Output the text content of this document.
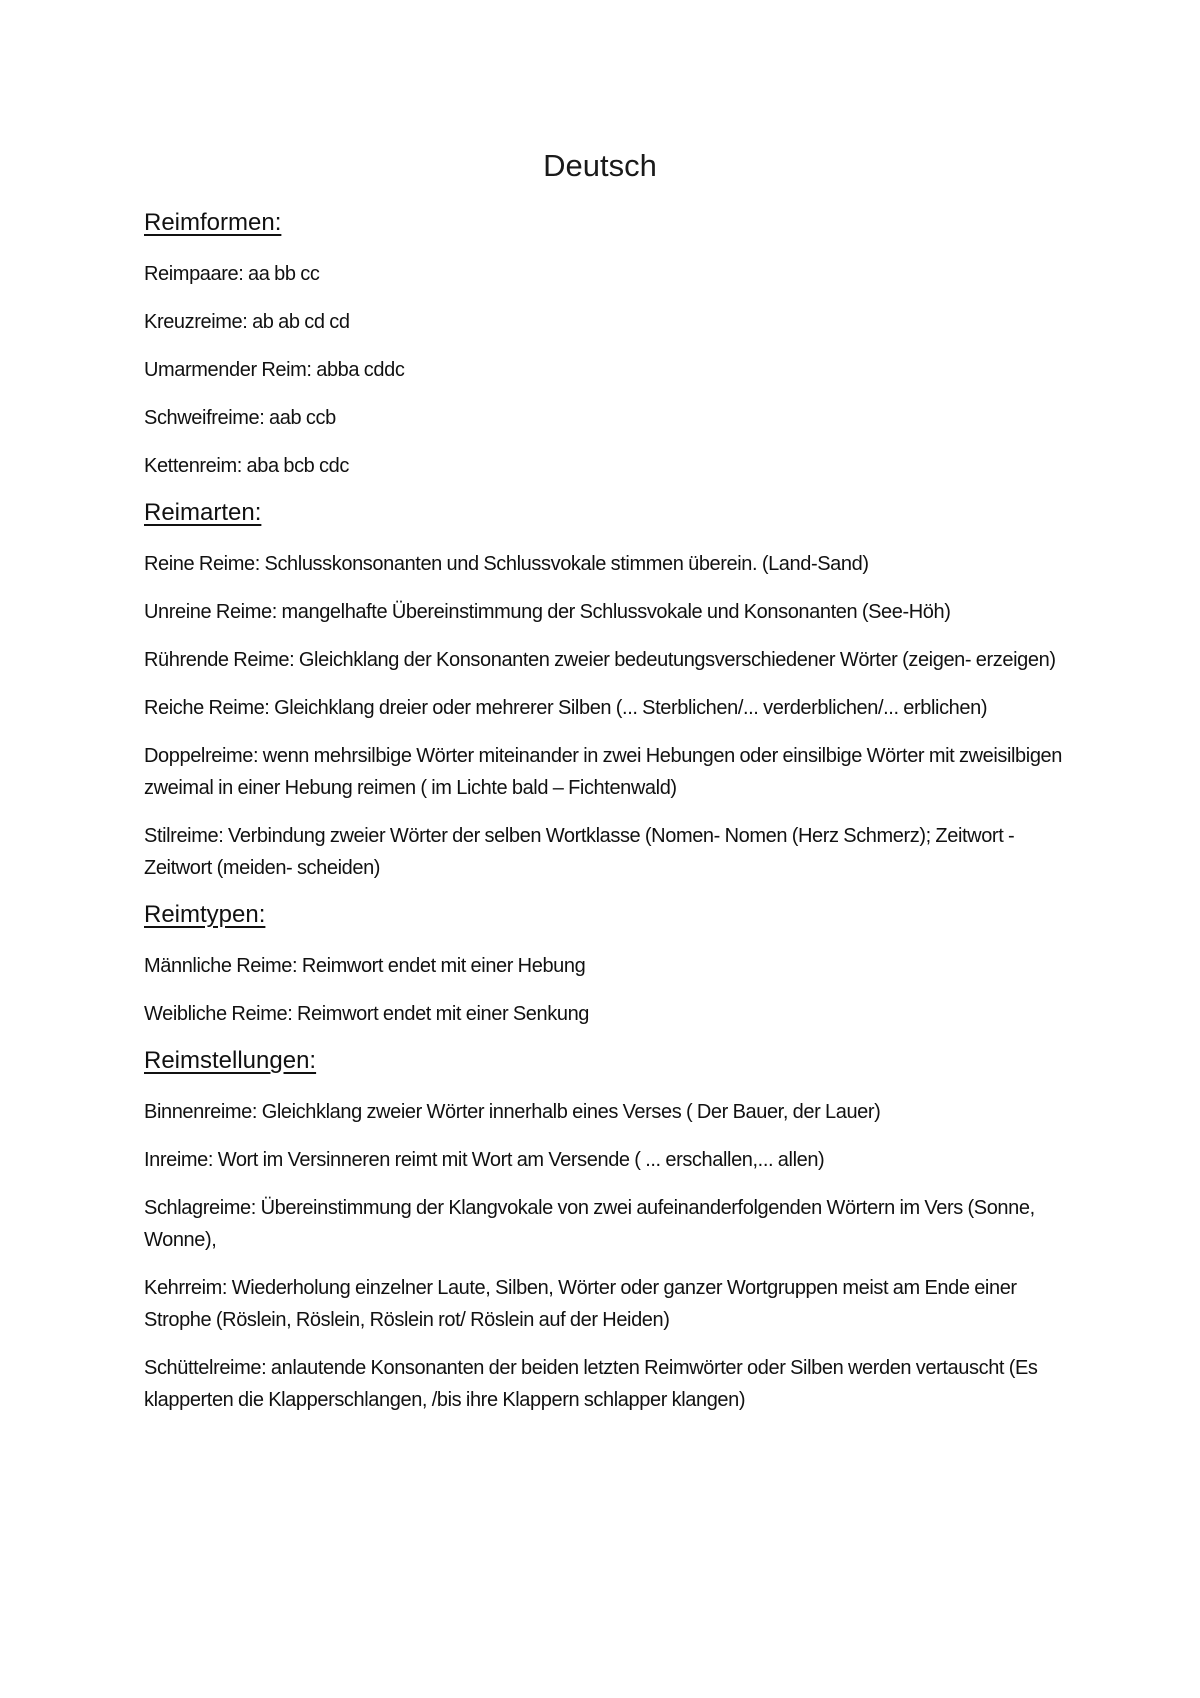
Deutsch
Reimformen:
Reimpaare: aa bb cc
Kreuzreime: ab ab cd cd
Umarmender Reim: abba cddc
Schweifreime: aab ccb
Kettenreim: aba bcb cdc
Reimarten:
Reine Reime: Schlusskonsonanten und Schlussvokale stimmen überein. (Land-Sand)
Unreine Reime: mangelhafte Übereinstimmung der Schlussvokale und Konsonanten (See-Höh)
Rührende Reime: Gleichklang der Konsonanten zweier bedeutungsverschiedener Wörter (zeigen- erzeigen)
Reiche Reime: Gleichklang dreier oder mehrerer Silben (... Sterblichen/... verderblichen/... erblichen)
Doppelreime: wenn mehrsilbige Wörter miteinander in zwei Hebungen oder einsilbige Wörter mit zweisilbigen zweimal in einer Hebung reimen ( im Lichte bald – Fichtenwald)
Stilreime: Verbindung zweier Wörter der selben Wortklasse (Nomen- Nomen (Herz Schmerz); Zeitwort -Zeitwort (meiden- scheiden)
Reimtypen:
Männliche Reime: Reimwort endet mit einer Hebung
Weibliche Reime: Reimwort endet mit einer Senkung
Reimstellungen:
Binnenreime: Gleichklang zweier Wörter innerhalb eines Verses ( Der Bauer, der Lauer)
Inreime: Wort im Versinneren reimt mit Wort am Versende ( ... erschallen,... allen)
Schlagreime: Übereinstimmung der Klangvokale von zwei aufeinanderfolgenden Wörtern im Vers (Sonne, Wonne),
Kehrreim: Wiederholung einzelner Laute, Silben, Wörter oder ganzer Wortgruppen meist am Ende einer Strophe (Röslein, Röslein, Röslein rot/ Röslein auf der Heiden)
Schüttelreime: anlautende Konsonanten der beiden letzten Reimwörter oder Silben werden vertauscht (Es klapperten die Klapperschlangen, /bis ihre Klappern schlapper klangen)
